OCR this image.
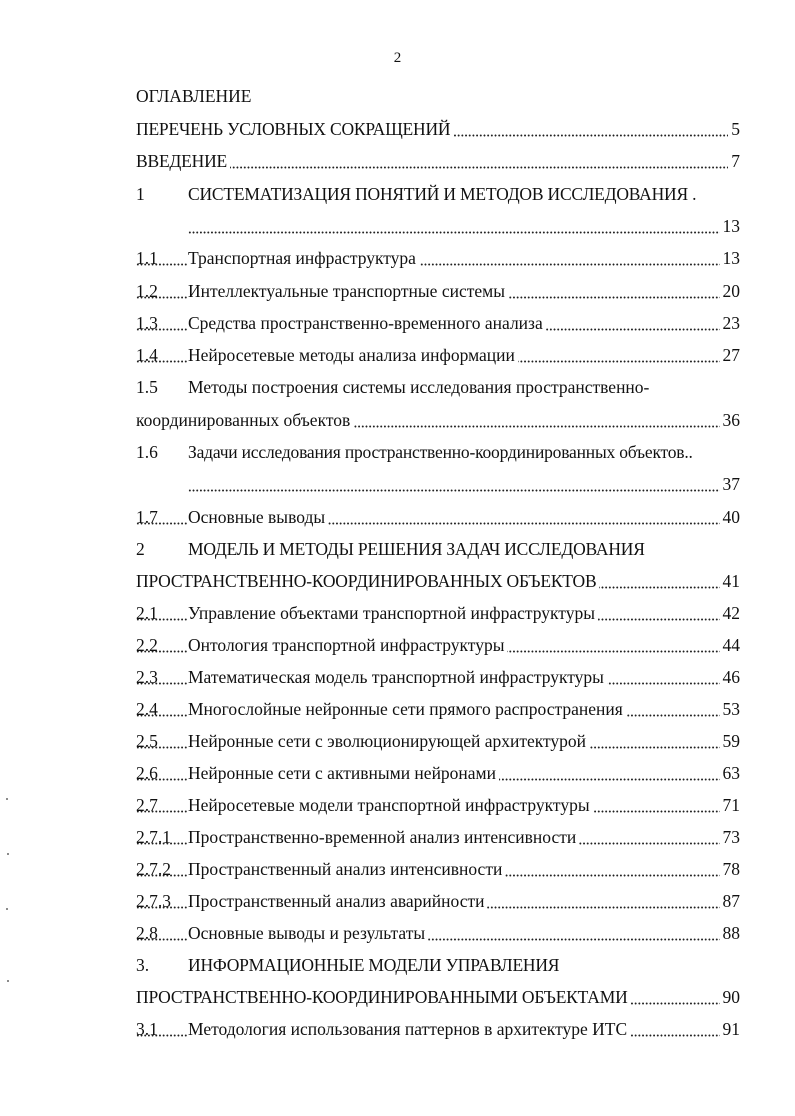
2
ОГЛАВЛЕНИЕ
ПЕРЕЧЕНЬ УСЛОВНЫХ СОКРАЩЕНИЙ	5
ВВЕДЕНИЕ	7
1 СИСТЕМАТИЗАЦИЯ ПОНЯТИЙ И МЕТОДОВ ИССЛЕДОВАНИЯ .
13
1.1 Транспортная инфраструктура	13
1.2 Интеллектуальные транспортные системы	20
1.3 Средства пространственно-временного анализа	23
1.4 Нейросетевые методы анализа информации	27
1.5 Методы построения системы исследования пространственно-
координированных объектов	36
1.6 Задачи исследования пространственно-координированных объектов..
37
1.7 Основные выводы	40
2 МОДЕЛЬ И МЕТОДЫ РЕШЕНИЯ ЗАДАЧ ИССЛЕДОВАНИЯ
ПРОСТРАНСТВЕННО-КООРДИНИРОВАННЫХ ОБЪЕКТОВ	41
2.1 Управление объектами транспортной инфраструктуры	42
2.2 Онтология транспортной инфраструктуры	44
2.3 Математическая модель транспортной инфраструктуры	46
2.4 Многослойные нейронные сети прямого распространения	53
2.5 Нейронные сети с эволюционирующей архитектурой	59
2.6 Нейронные сети с активными нейронами	63
2.7 Нейросетевые модели транспортной инфраструктуры	71
2.7.1 Пространственно-временной анализ интенсивности	73
2.7.2 Пространственный анализ интенсивности	78
2.7.3 Пространственный анализ аварийности	87
2.8 Основные выводы и результаты	88
3. ИНФОРМАЦИОННЫЕ МОДЕЛИ УПРАВЛЕНИЯ
ПРОСТРАНСТВЕННО-КООРДИНИРОВАННЫМИ ОБЪЕКТАМИ	90
3.1 Методология использования паттернов в архитектуре ИТС	91
